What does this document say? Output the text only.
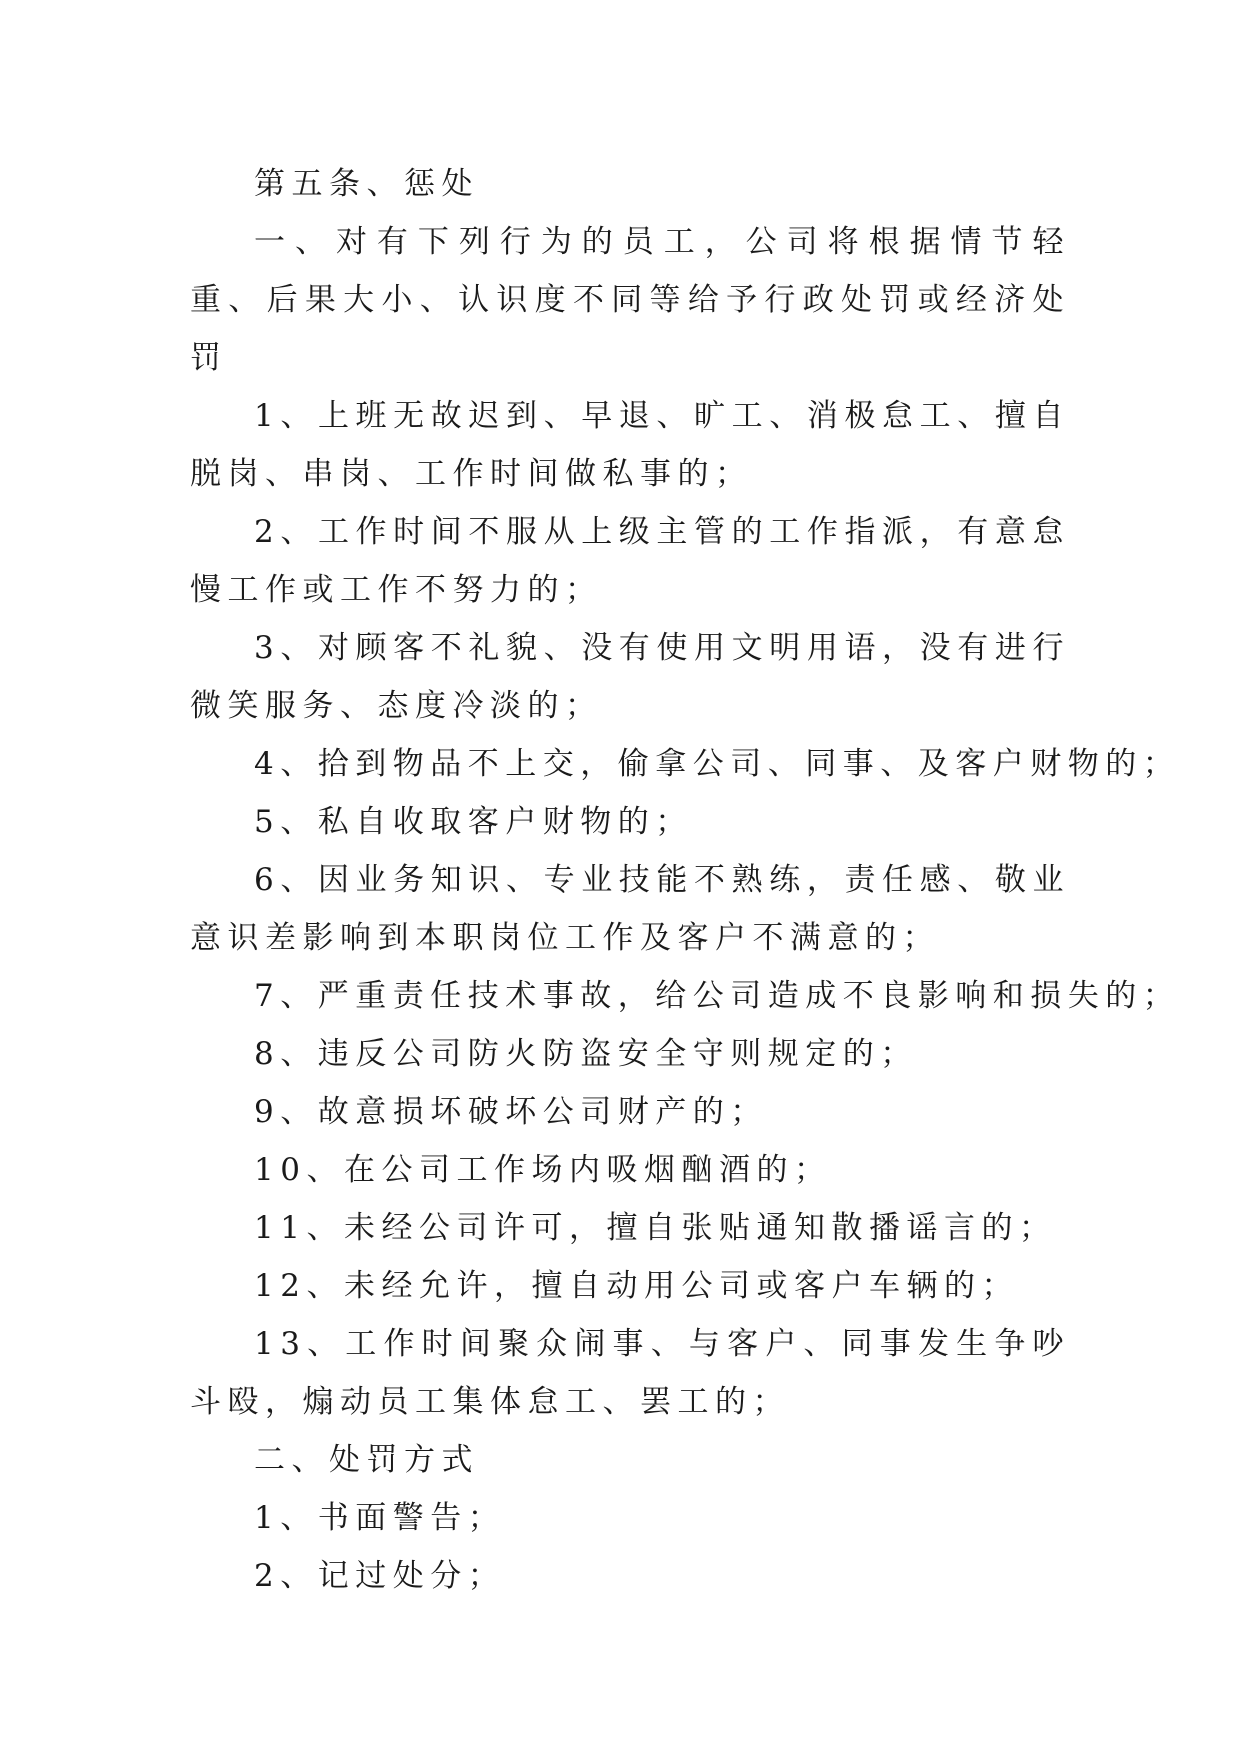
第五条、惩处

一、对有下列行为的员工，公司将根据情节轻重、后果大小、认识度不同等给予行政处罚或经济处罚

1、上班无故迟到、早退、旷工、消极怠工、擅自脱岗、串岗、工作时间做私事的；

2、工作时间不服从上级主管的工作指派，有意怠慢工作或工作不努力的；

3、对顾客不礼貌、没有使用文明用语，没有进行微笑服务、态度冷淡的；

4、拾到物品不上交，偷拿公司、同事、及客户财物的；

5、私自收取客户财物的；

6、因业务知识、专业技能不熟练，责任感、敬业意识差影响到本职岗位工作及客户不满意的；

7、严重责任技术事故，给公司造成不良影响和损失的；

8、违反公司防火防盗安全守则规定的；

9、故意损坏破坏公司财产的；

10、在公司工作场内吸烟酗酒的；

11、未经公司许可，擅自张贴通知散播谣言的；

12、未经允许，擅自动用公司或客户车辆的；

13、工作时间聚众闹事、与客户、同事发生争吵斗殴，煽动员工集体怠工、罢工的；

二、处罚方式

1、书面警告；

2、记过处分；
